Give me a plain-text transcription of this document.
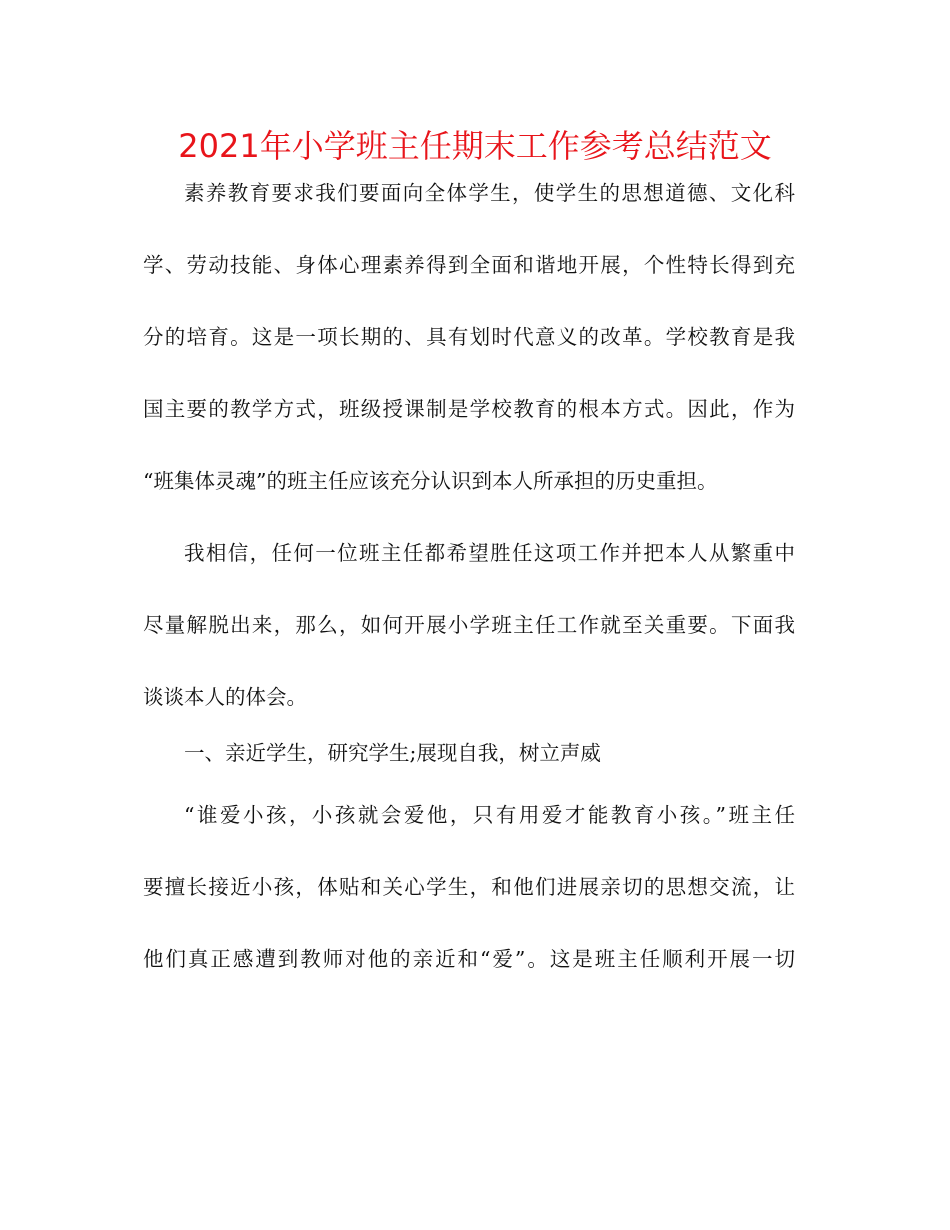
2021年小学班主任期末工作参考总结范文
素养教育要求我们要面向全体学生，使学生的思想道德、文化科
学、劳动技能、身体心理素养得到全面和谐地开展，个性特长得到充
分的培育。这是一项长期的、具有划时代意义的改革。学校教育是我
国主要的教学方式，班级授课制是学校教育的根本方式。因此，作为
“班集体灵魂”的班主任应该充分认识到本人所承担的历史重担。
我相信，任何一位班主任都希望胜任这项工作并把本人从繁重中
尽量解脱出来，那么，如何开展小学班主任工作就至关重要。下面我
谈谈本人的体会。
一、亲近学生，研究学生;展现自我，树立声威
“谁爱小孩，小孩就会爱他，只有用爱才能教育小孩。”班主任
要擅长接近小孩，体贴和关心学生，和他们进展亲切的思想交流，让
他们真正感遭到教师对他的亲近和“爱”。这是班主任顺利开展一切
